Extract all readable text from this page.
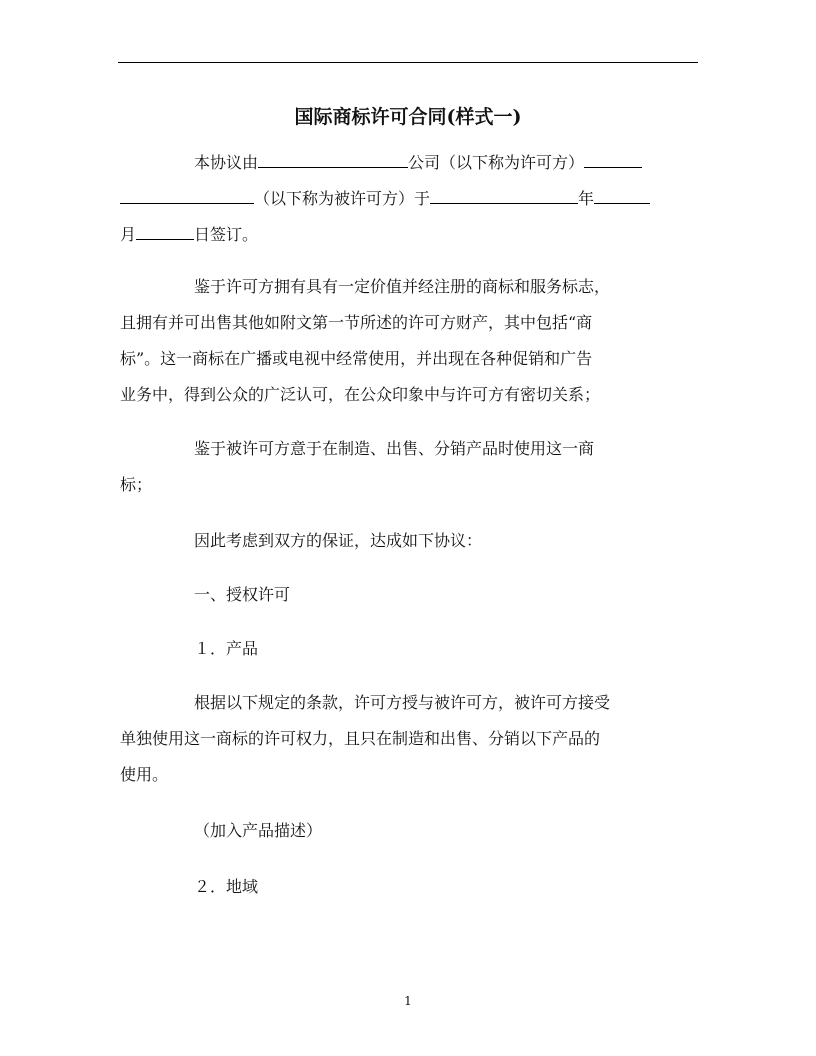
国际商标许可合同(样式一)
本协议由	公司（以下称为许可方）
（以下称为被许可方）于	年
月	日签订。
鉴于许可方拥有具有一定价值并经注册的商标和服务标志，
且拥有并可出售其他如附文第一节所述的许可方财产，其中包括“商
标”。这一商标在广播或电视中经常使用，并出现在各种促销和广告
业务中，得到公众的广泛认可，在公众印象中与许可方有密切关系；
鉴于被许可方意于在制造、出售、分销产品时使用这一商
标；
因此考虑到双方的保证，达成如下协议：
一、授权许可
１．产品
根据以下规定的条款，许可方授与被许可方，被许可方接受
单独使用这一商标的许可权力，且只在制造和出售、分销以下产品的
使用。
（加入产品描述）
２．地域
1
